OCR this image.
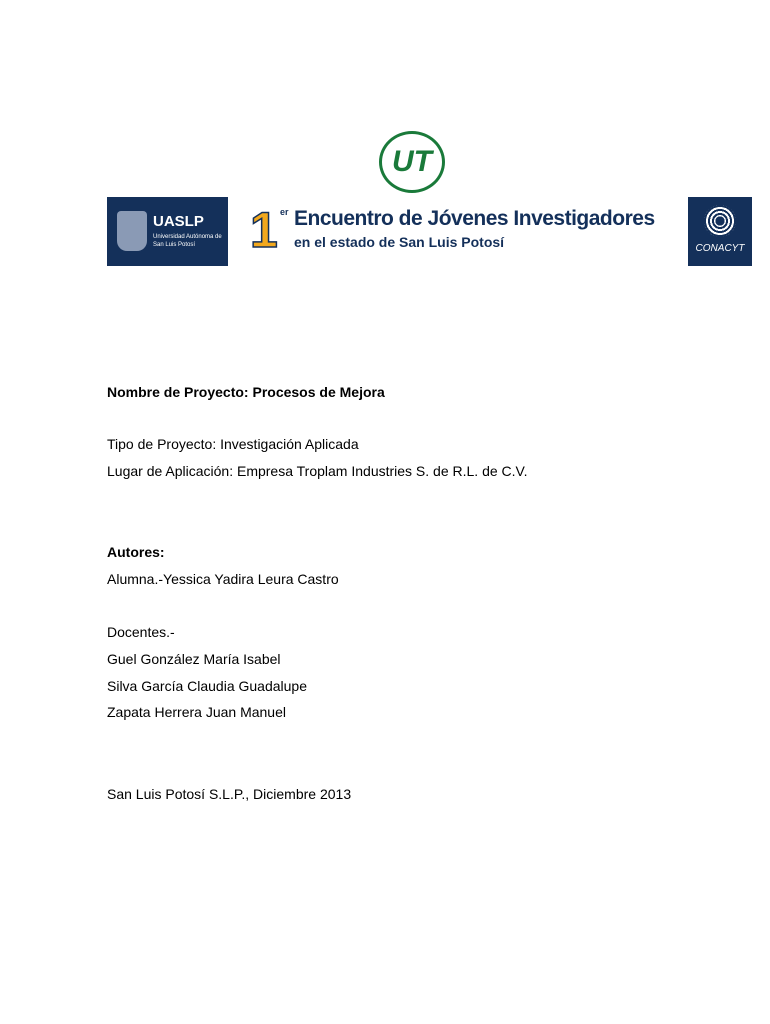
UT
UASLP
Universidad Autónoma de San Luis Potosí	1 er Encuentro de Jóvenes Investigadores
en el estado de San Luis Potosí	CONACYT
Nombre de Proyecto: Procesos de Mejora
Tipo de Proyecto: Investigación Aplicada
Lugar de Aplicación: Empresa Troplam Industries S. de R.L. de C.V.
Autores:
Alumna.-Yessica Yadira Leura Castro
Docentes.-
Guel González María Isabel
Silva García Claudia Guadalupe
Zapata Herrera Juan Manuel
San Luis Potosí S.L.P., Diciembre 2013
